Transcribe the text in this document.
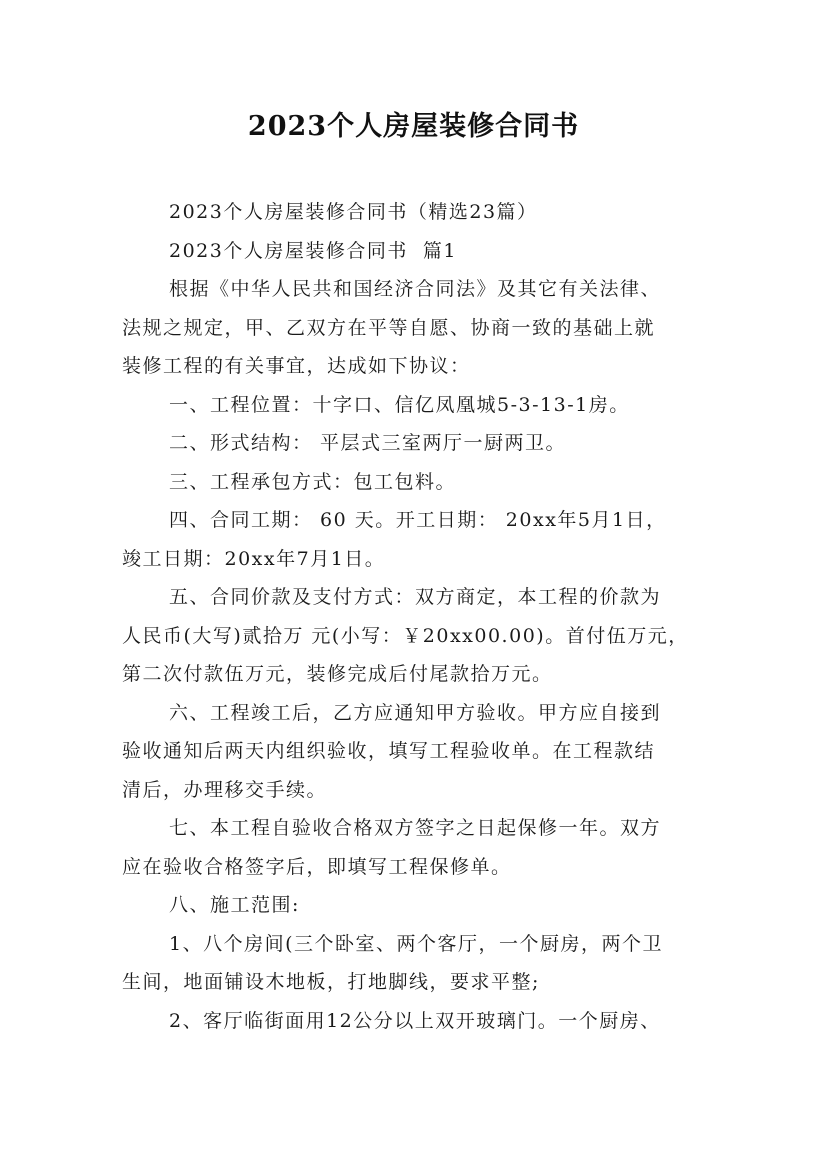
2023个人房屋装修合同书

2023个人房屋装修合同书（精选23篇）

2023个人房屋装修合同书  篇1

根据《中华人民共和国经济合同法》及其它有关法律、
法规之规定，甲、乙双方在平等自愿、协商一致的基础上就
装修工程的有关事宜，达成如下协议：

一、工程位置：十字口、信亿凤凰城5-3-13-1房。

二、形式结构： 平层式三室两厅一厨两卫。

三、工程承包方式：包工包料。

四、合同工期： 60 天。开工日期： 20xx年5月1日，
竣工日期：20xx年7月1日。

五、合同价款及支付方式：双方商定，本工程的价款为
人民币(大写)贰拾万 元(小写：￥20xx00.00)。首付伍万元，
第二次付款伍万元，装修完成后付尾款拾万元。

六、工程竣工后，乙方应通知甲方验收。甲方应自接到
验收通知后两天内组织验收，填写工程验收单。在工程款结
清后，办理移交手续。

七、本工程自验收合格双方签字之日起保修一年。双方
应在验收合格签字后，即填写工程保修单。

八、施工范围:

1、八个房间(三个卧室、两个客厅，一个厨房，两个卫
生间，地面铺设木地板，打地脚线，要求平整;

2、客厅临街面用12公分以上双开玻璃门。一个厨房、
